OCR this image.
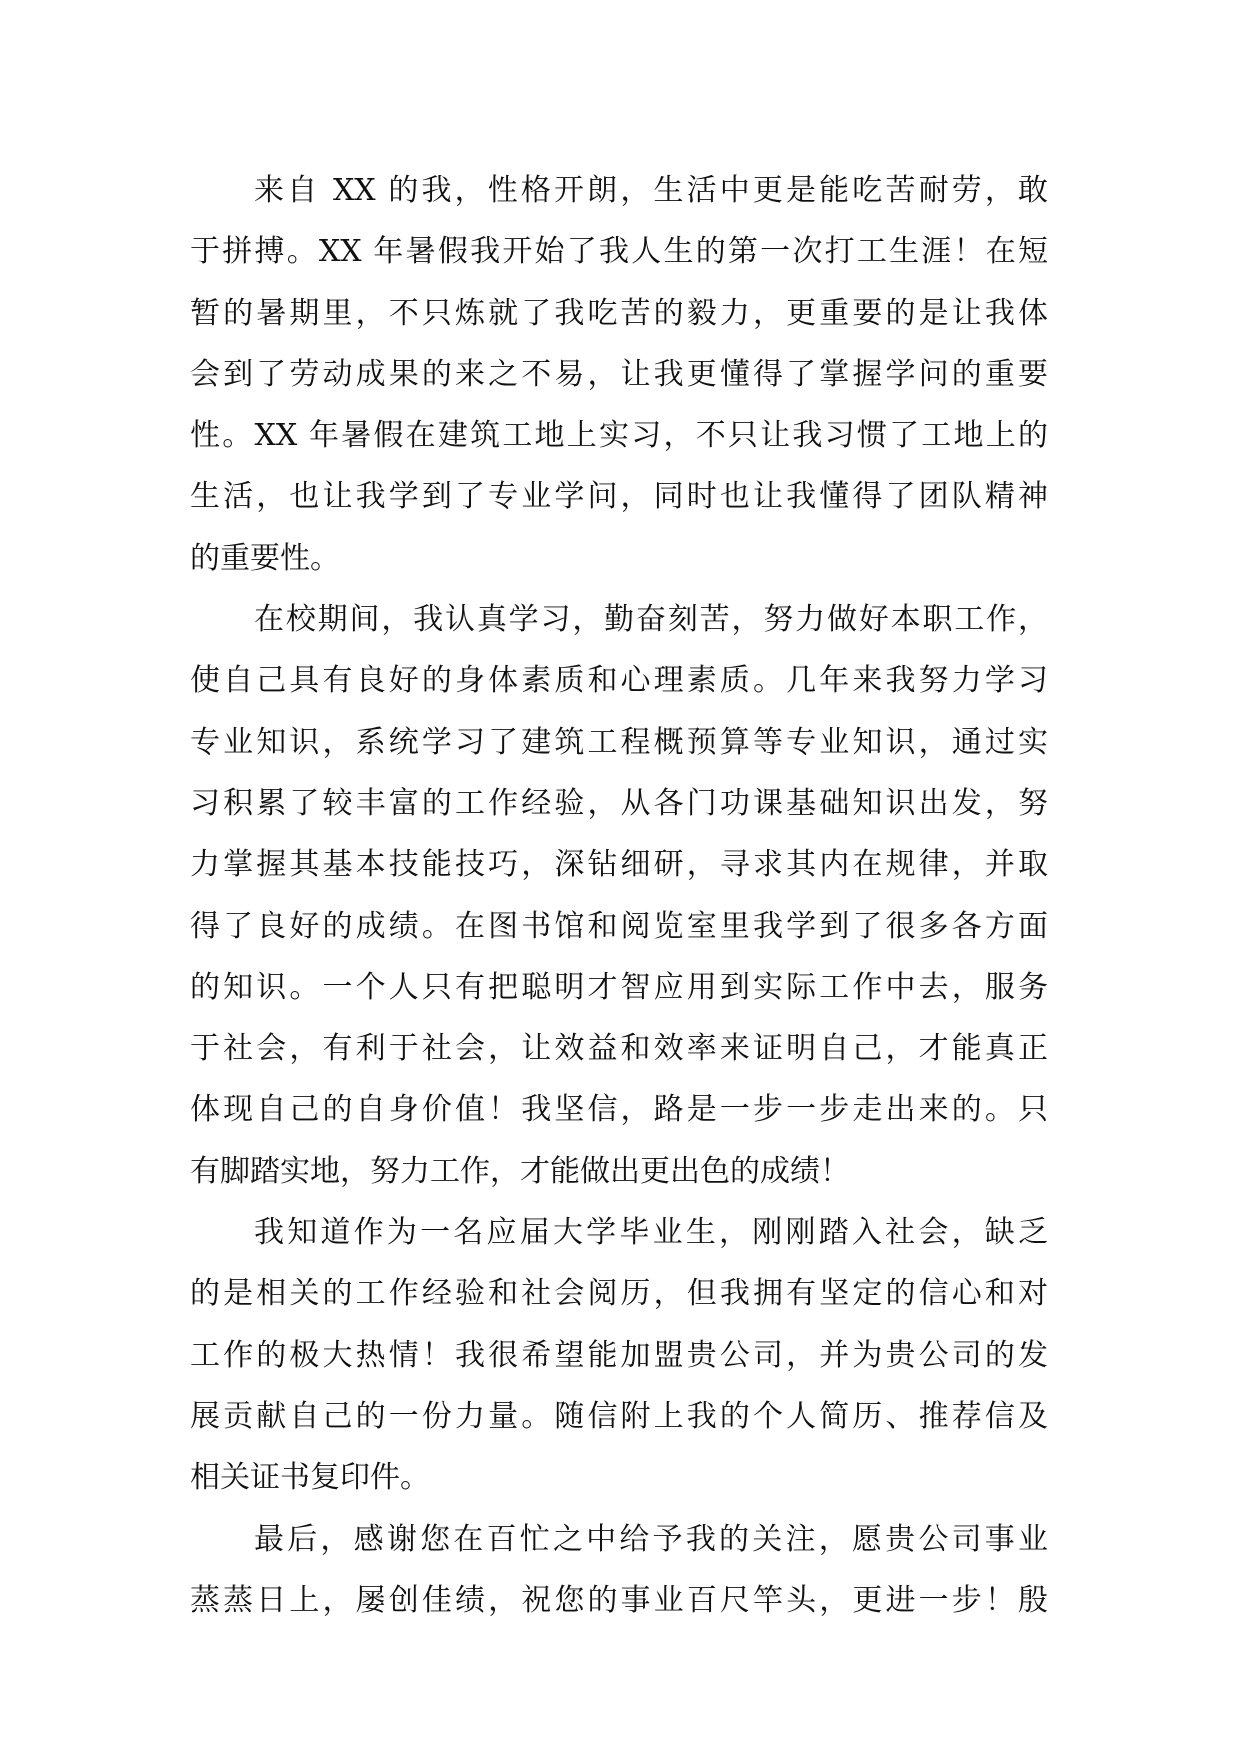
来自 XX 的我，性格开朗，生活中更是能吃苦耐劳，敢
于拼搏。XX 年暑假我开始了我人生的第一次打工生涯！在短
暂的暑期里，不只炼就了我吃苦的毅力，更重要的是让我体
会到了劳动成果的来之不易，让我更懂得了掌握学问的重要
性。XX 年暑假在建筑工地上实习，不只让我习惯了工地上的
生活，也让我学到了专业学问，同时也让我懂得了团队精神
的重要性。
在校期间，我认真学习，勤奋刻苦，努力做好本职工作，
使自己具有良好的身体素质和心理素质。几年来我努力学习
专业知识，系统学习了建筑工程概预算等专业知识，通过实
习积累了较丰富的工作经验，从各门功课基础知识出发，努
力掌握其基本技能技巧，深钻细研，寻求其内在规律，并取
得了良好的成绩。在图书馆和阅览室里我学到了很多各方面
的知识。一个人只有把聪明才智应用到实际工作中去，服务
于社会，有利于社会，让效益和效率来证明自己，才能真正
体现自己的自身价值！我坚信，路是一步一步走出来的。只
有脚踏实地，努力工作，才能做出更出色的成绩！
我知道作为一名应届大学毕业生，刚刚踏入社会，缺乏
的是相关的工作经验和社会阅历，但我拥有坚定的信心和对
工作的极大热情！我很希望能加盟贵公司，并为贵公司的发
展贡献自己的一份力量。随信附上我的个人简历、推荐信及
相关证书复印件。
最后，感谢您在百忙之中给予我的关注，愿贵公司事业
蒸蒸日上，屡创佳绩，祝您的事业百尺竿头，更进一步！殷
